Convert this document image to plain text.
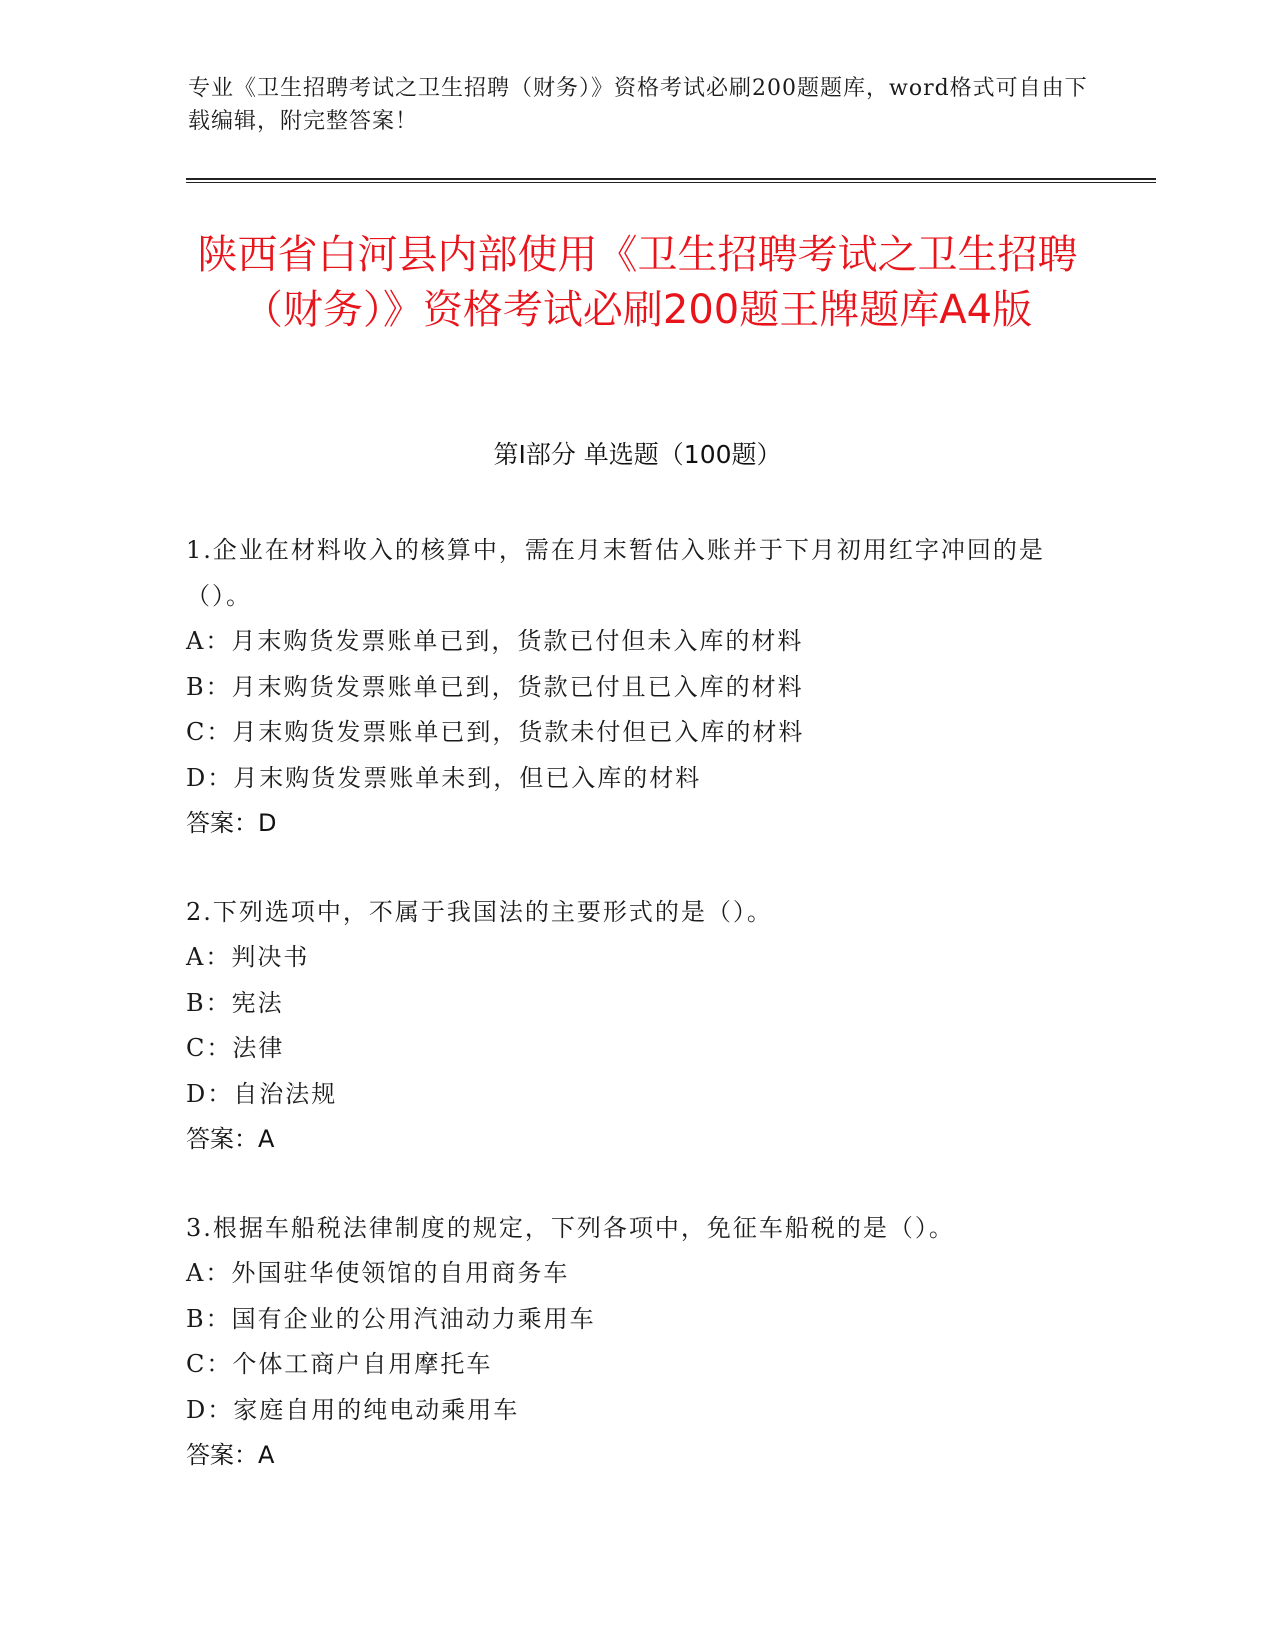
专业《卫生招聘考试之卫生招聘（财务）》资格考试必刷200题题库，word格式可自由下载编辑，附完整答案！
陕西省白河县内部使用《卫生招聘考试之卫生招聘（财务）》资格考试必刷200题王牌题库A4版
第I部分 单选题（100题）
1.企业在材料收入的核算中，需在月末暂估入账并于下月初用红字冲回的是（）。
A：月末购货发票账单已到，货款已付但未入库的材料
B：月末购货发票账单已到，货款已付且已入库的材料
C：月末购货发票账单已到，货款未付但已入库的材料
D：月末购货发票账单未到，但已入库的材料
答案：D
2.下列选项中，不属于我国法的主要形式的是（）。
A：判决书
B：宪法
C：法律
D：自治法规
答案：A
3.根据车船税法律制度的规定，下列各项中，免征车船税的是（）。
A：外国驻华使领馆的自用商务车
B：国有企业的公用汽油动力乘用车
C：个体工商户自用摩托车
D：家庭自用的纯电动乘用车
答案：A
